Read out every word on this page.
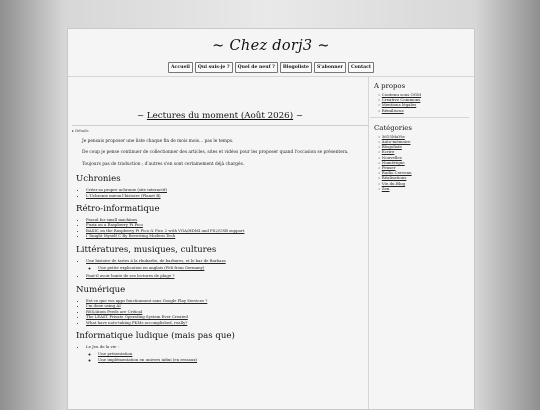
~ Chez dorj3 ~
Accueil Qui suis-je ? Quel de neuf ? Blogoliste S'abonner Contact
~ Lectures du moment (Août 2026) ~
▸ Détails

Je pensais proposer une liste chaque fin de mois mois... pas le temps.

De coup je pense continuer de collectionner des articles, sites et vidéos pour les proposer quand l'occasion se présentera.

Toujours pas de traduction ; d'autres s'en sont certainement déjà chargés.

Uchronies
• Créer sa propre uchronie (site interactif)
• L'Uchronie mieux l'histoire (Planet B)
Rétro-informatique
• Pascal for small machines
• Fuzix on a Raspberry Pi Pico
• BASIC on the Raspberry Pi Pico & Pico 2 with VGA/HDMI and PS2/USB support
• I Taught Myself C By Reverting Modern Tech
Littératures, musiques, cultures
• Une histoire de tartes à la rhubarbe, de barbares, et le bar de Barbara
◦ Une petite explication en anglais (Feli from Germany)
• Faut-il avoir honte de ses lectures de plage ?
Numérique
• Est-ce que vos apps fonctionnent sans Google Play Services ?
• I'm done using AI
• RSS/Atom Feeds are Critical
• The LEAST Private Operating System Ever Created
• What have note-taking PKMs accomplished, really?
Informatique ludique (mais pas que)
• Le Jeu de la vie :
◦ Une présentation
◦ Une implémentation en univers infini (en ressaux)
A propos
» Contenu sous OGM
» Creative Commons
» Mentions légales
» Rémiliscus
Catégories
» 3615MaVie
» Auto-mémoire
» Blogoliste
» Écrire
» Nouvelles
» Numérique
» Penser
» Radio.Cerveau
» Réalisations
» Vie.du.Blog
» Zen
